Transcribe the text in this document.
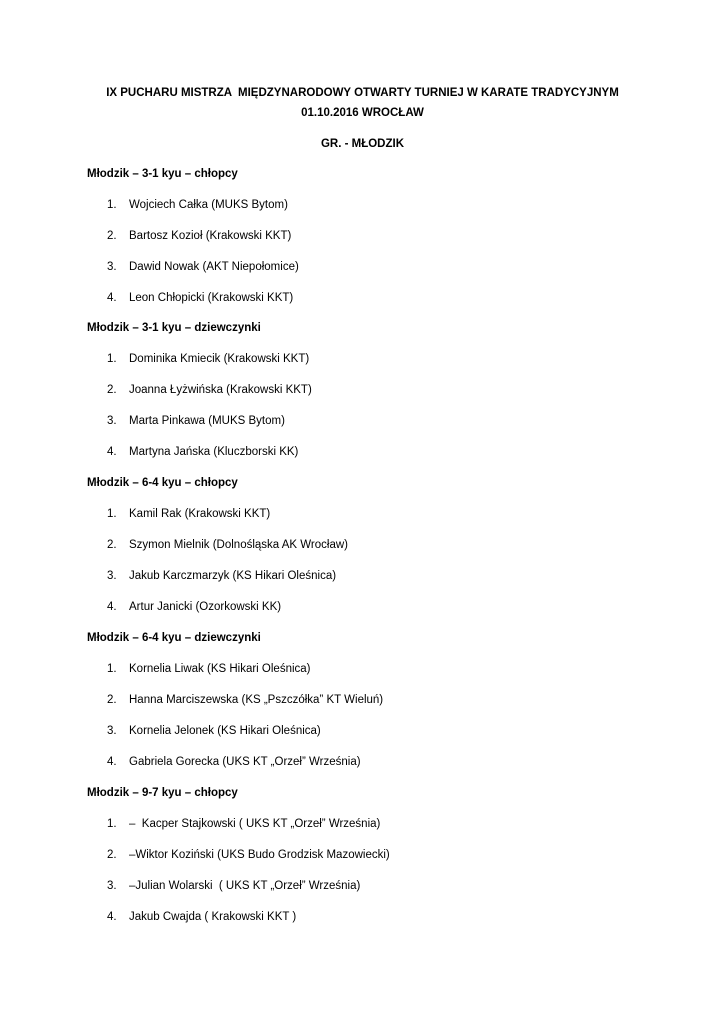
IX PUCHARU MISTRZA  MIĘDZYNARODOWY OTWARTY TURNIEJ W KARATE TRADYCYJNYM
01.10.2016 WROCŁAW
GR. - MŁODZIK
Młodzik – 3-1 kyu – chłopcy
1.	Wojciech Całka (MUKS Bytom)
2.	Bartosz Kozioł (Krakowski KKT)
3.	Dawid Nowak (AKT Niepołomice)
4.	Leon Chłopicki (Krakowski KKT)
Młodzik – 3-1 kyu – dziewczynki
1.	Dominika Kmiecik (Krakowski KKT)
2.	Joanna Łyżwińska (Krakowski KKT)
3.	Marta Pinkawa (MUKS Bytom)
4.	Martyna Jańska (Kluczborski KK)
Młodzik – 6-4 kyu – chłopcy
1.	Kamil Rak (Krakowski KKT)
2.	Szymon Mielnik (Dolnośląska AK Wrocław)
3.	Jakub Karczmarzyk (KS Hikari Oleśnica)
4.	Artur Janicki (Ozorkowski KK)
Młodzik – 6-4 kyu – dziewczynki
1.	Kornelia Liwak (KS Hikari Oleśnica)
2.	Hanna Marciszewska (KS „Pszczółka” KT Wieluń)
3.	Kornelia Jelonek (KS Hikari Oleśnica)
4.	Gabriela Gorecka (UKS KT „Orzeł” Września)
Młodzik – 9-7 kyu – chłopcy
1.	–  Kacper Stajkowski ( UKS KT „Orzeł” Września)
2.	–Wiktor Koziński (UKS Budo Grodzisk Mazowiecki)
3.	–Julian Wolarski  ( UKS KT „Orzeł” Września)
4.	Jakub Cwajda ( Krakowski KKT )
